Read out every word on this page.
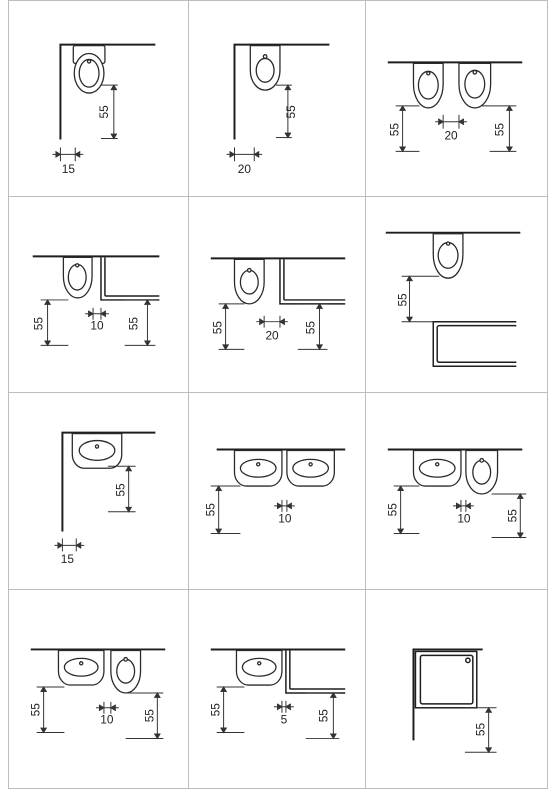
55
15
55
20
55	20	55
55	10 55	55
20
55
55
55
15
55
10
55
10	55
55
10 55	55
5 55
55
